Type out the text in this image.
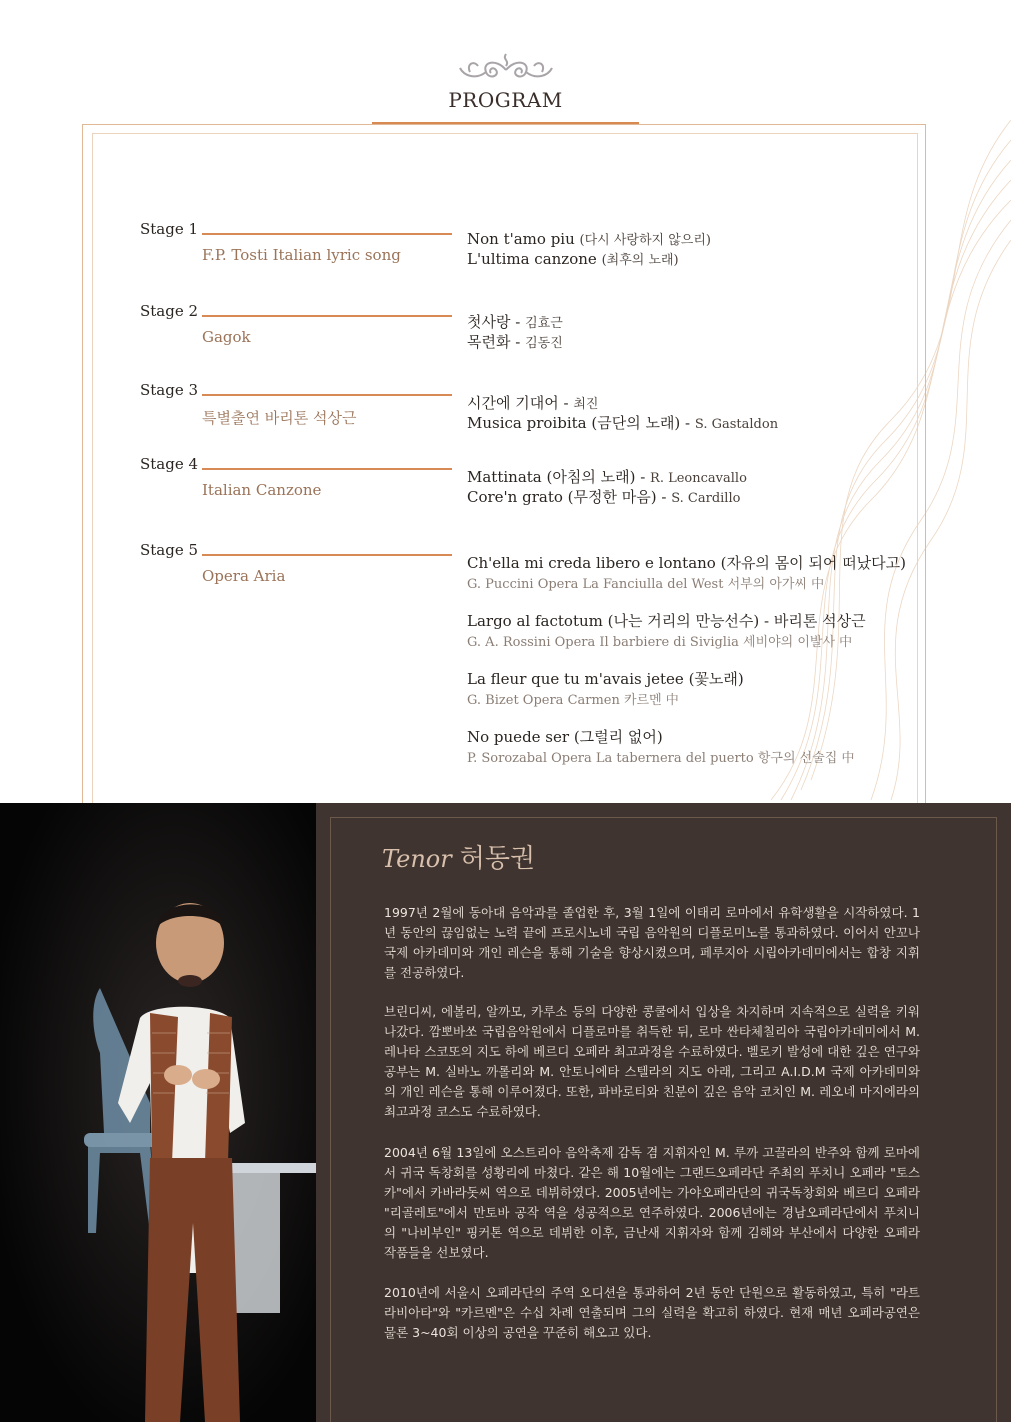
PROGRAM
Stage 1
F.P. Tosti Italian lyric song
Non t'amo piu (다시 사랑하지 않으리)
L'ultima canzone (최후의 노래)
Stage 2
Gagok
첫사랑 - 김효근
목련화 - 김동진
Stage 3
특별출연 바리톤 석상근
시간에 기대어 - 최진
Musica proibita (금단의 노래) - S. Gastaldon
Stage 4
Italian Canzone
Mattinata (아침의 노래) - R. Leoncavallo
Core'n grato (무정한 마음) - S. Cardillo
Stage 5
Opera Aria
Ch'ella mi creda libero e lontano (자유의 몸이 되어 떠났다고)
G. Puccini Opera La Fanciulla del West 서부의 아가씨 中
Largo al factotum (나는 거리의 만능선수) - 바리톤 석상근
G. A. Rossini Opera Il barbiere di Siviglia 세비야의 이발사 中
La fleur que tu m'avais jetee (꽃노래)
G. Bizet Opera Carmen 카르멘 中
No puede ser (그럴리 없어)
P. Sorozabal Opera La tabernera del puerto 항구의 선술집 中
Tenor 허동권

1997년 2월에 동아대 음악과를 졸업한 후, 3월 1일에 이태리 로마에서 유학생활을 시작하였다. 1년 동안의 끊임없는 노력 끝에 프로시노네 국립 음악원의 디플로미노를 통과하였다. 이어서 안꼬나 국제 아카데미와 개인 레슨을 통해 기술을 향상시켰으며, 페루지아 시립아카데미에서는 합창 지휘를 전공하였다.

브린디씨, 에볼리, 알까모, 카루소 등의 다양한 콩쿨에서 입상을 차지하며 지속적으로 실력을 키워나갔다. 깜뽀바쏘 국립음악원에서 디플로마를 취득한 뒤, 로마 싼타체칠리아 국립아카데미에서 M. 레나타 스코또의 지도 하에 베르디 오페라 최고과정을 수료하였다. 벨로키 발성에 대한 깊은 연구와 공부는 M. 실바노 까롤리와 M. 안토니에타 스텔라의 지도 아래, 그리고 A.I.D.M 국제 아카데미와의 개인 레슨을 통해 이루어졌다. 또한, 파바로티와 친분이 깊은 음악 코치인 M. 레오네 마지에라의 최고과정 코스도 수료하였다.

2004년 6월 13일에 오스트리아 음악축제 감독 겸 지휘자인 M. 루까 고끌라의 반주와 함께 로마에서 귀국 독창회를 성황리에 마쳤다. 같은 해 10월에는 그랜드오페라단 주최의 푸치니 오페라 "토스카"에서 카바라돗씨 역으로 데뷔하였다. 2005년에는 가야오페라단의 귀국독창회와 베르디 오페라 "리골레토"에서 만토바 공작 역을 성공적으로 연주하였다. 2006년에는 경남오페라단에서 푸치니의 "나비부인" 핑커톤 역으로 데뷔한 이후, 금난새 지휘자와 함께 김해와 부산에서 다양한 오페라 작품들을 선보였다.

2010년에 서울시 오페라단의 주역 오디션을 통과하여 2년 동안 단원으로 활동하였고, 특히 "라트라비아타"와 "카르멘"은 수십 차례 연출되며 그의 실력을 확고히 하였다. 현재 매년 오페라공연은 물론 3~40회 이상의 공연을 꾸준히 해오고 있다.
